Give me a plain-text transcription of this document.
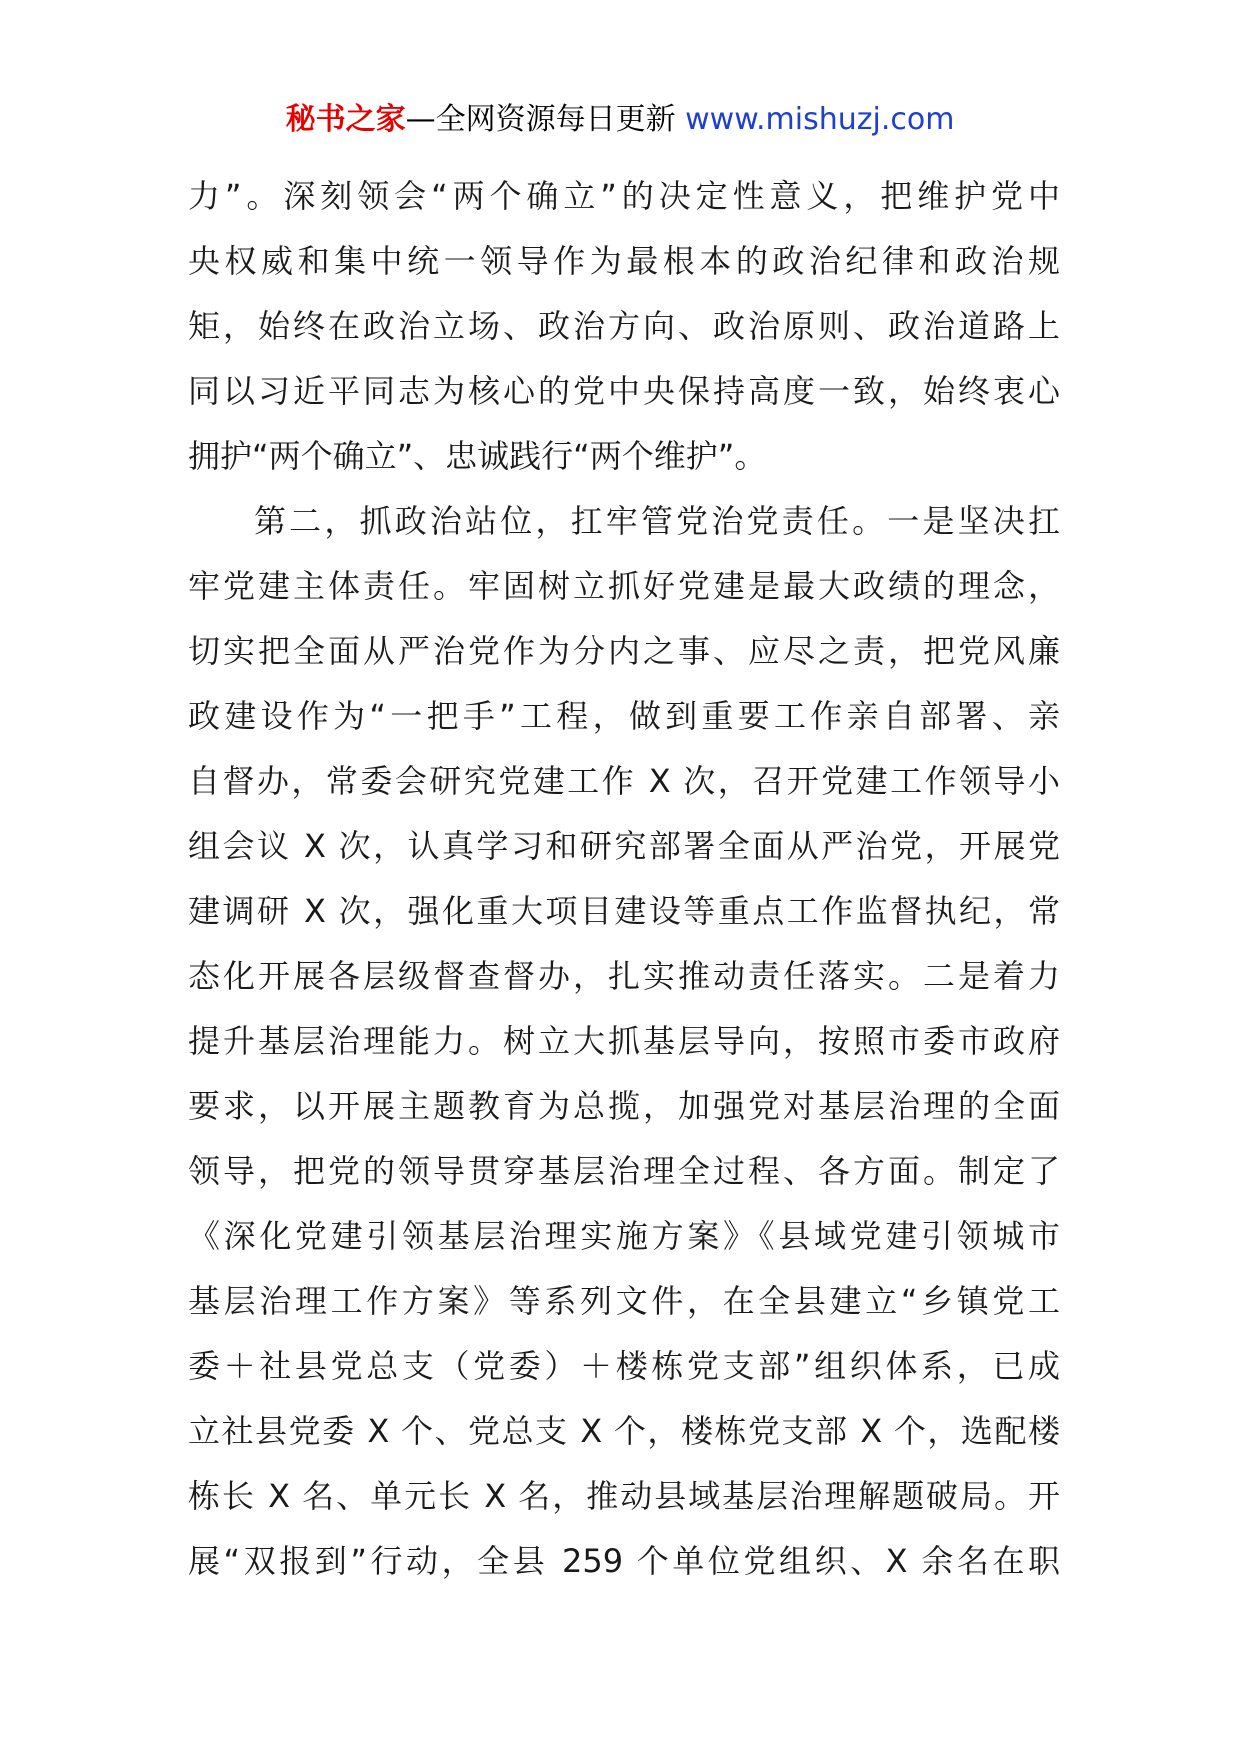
秘书之家—全网资源每日更新 www.mishuzj.com
力”。深刻领会“两个确立”的决定性意义，把维护党中
央权威和集中统一领导作为最根本的政治纪律和政治规
矩，始终在政治立场、政治方向、政治原则、政治道路上
同以习近平同志为核心的党中央保持高度一致，始终衷心
拥护“两个确立”、忠诚践行“两个维护”。
第二，抓政治站位，扛牢管党治党责任。一是坚决扛
牢党建主体责任。牢固树立抓好党建是最大政绩的理念，
切实把全面从严治党作为分内之事、应尽之责，把党风廉
政建设作为“一把手”工程，做到重要工作亲自部署、亲
自督办，常委会研究党建工作 X 次，召开党建工作领导小
组会议 X 次，认真学习和研究部署全面从严治党，开展党
建调研 X 次，强化重大项目建设等重点工作监督执纪，常
态化开展各层级督查督办，扎实推动责任落实。二是着力
提升基层治理能力。树立大抓基层导向，按照市委市政府
要求，以开展主题教育为总揽，加强党对基层治理的全面
领导，把党的领导贯穿基层治理全过程、各方面。制定了
《深化党建引领基层治理实施方案》《县域党建引领城市
基层治理工作方案》等系列文件，在全县建立“乡镇党工
委＋社县党总支（党委）＋楼栋党支部”组织体系，已成
立社县党委 X 个、党总支 X 个，楼栋党支部 X 个，选配楼
栋长 X 名、单元长 X 名，推动县域基层治理解题破局。开
展“双报到”行动，全县 259 个单位党组织、X 余名在职
